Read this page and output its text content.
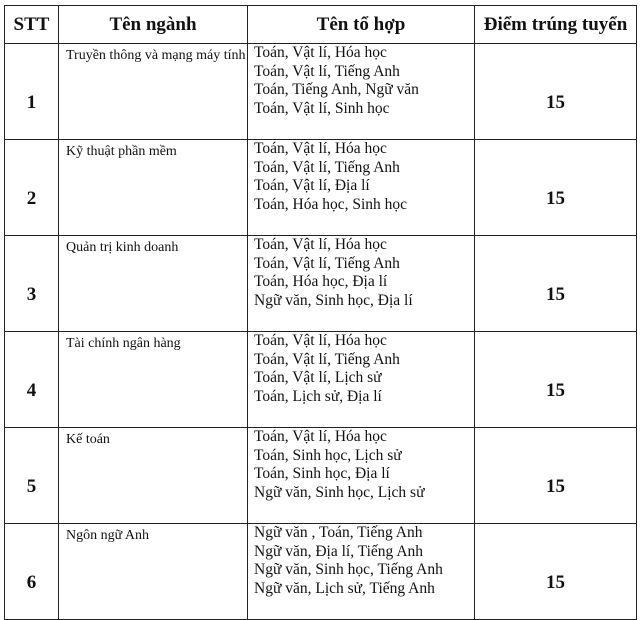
STT	Tên ngành	Tên tổ hợp	Điểm trúng tuyển
1	Truyền thông và mạng máy tính	Toán, Vật lí, Hóa học
Toán, Vật lí, Tiếng Anh
Toán, Tiếng Anh, Ngữ văn
Toán, Vật lí, Sinh học	15
2	Kỹ thuật phần mềm	Toán, Vật lí, Hóa học
Toán, Vật lí, Tiếng Anh
Toán, Vật lí, Địa lí
Toán, Hóa học, Sinh học	15
3	Quản trị kinh doanh	Toán, Vật lí, Hóa học
Toán, Vật lí, Tiếng Anh
Toán, Hóa học, Địa lí
Ngữ văn, Sinh học, Địa lí	15
4	Tài chính ngân hàng	Toán, Vật lí, Hóa học
Toán, Vật lí, Tiếng Anh
Toán, Vật lí, Lịch sử
Toán, Lịch sử, Địa lí	15
5	Kế toán	Toán, Vật lí, Hóa học
Toán, Sinh học, Lịch sử
Toán, Sinh học, Địa lí
Ngữ văn, Sinh học, Lịch sử	15
6	Ngôn ngữ Anh	Ngữ văn , Toán, Tiếng Anh
Ngữ văn, Địa lí, Tiếng Anh
Ngữ văn, Sinh học, Tiếng Anh
Ngữ văn, Lịch sử, Tiếng Anh	15
